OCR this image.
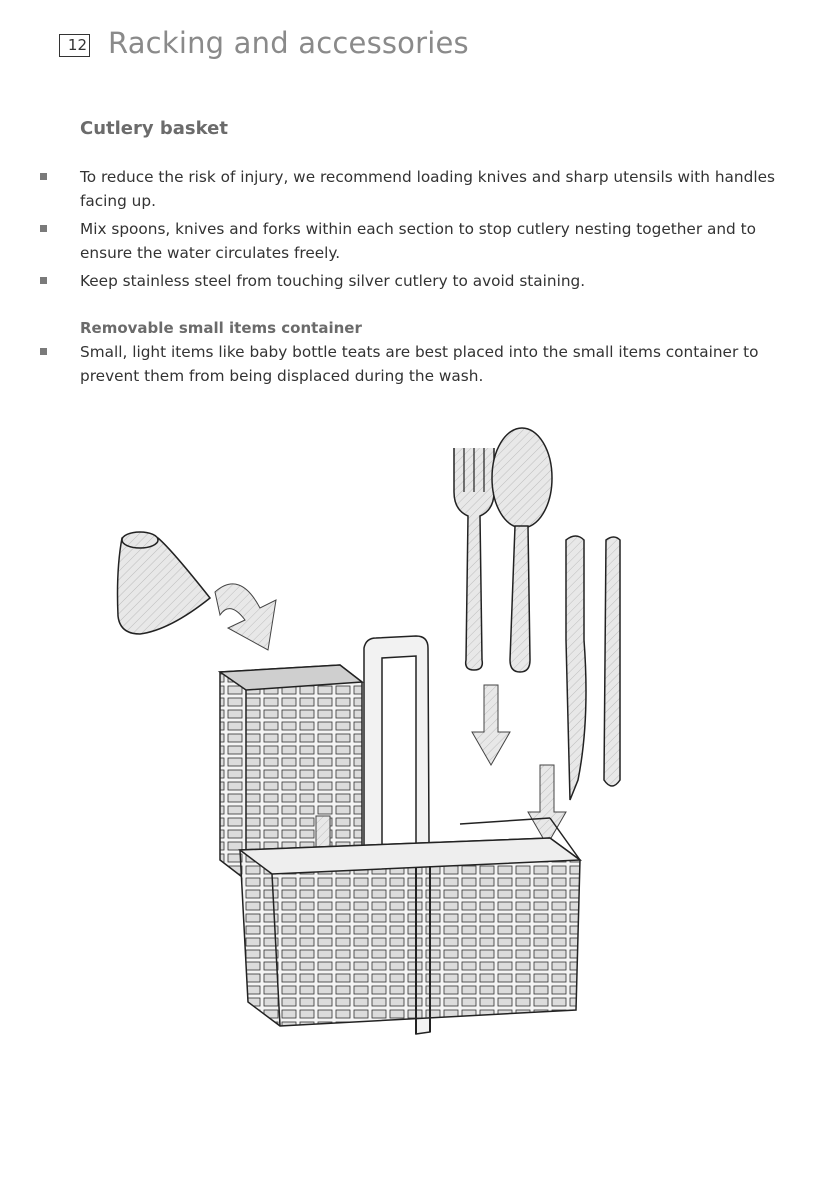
12 Racking and accessories
Cutlery basket
To reduce the risk of injury, we recommend loading knives and sharp utensils with handles facing up.
Mix spoons, knives and forks within each section to stop cutlery nesting together and to ensure the water circulates freely.
Keep stainless steel from touching silver cutlery to avoid staining.
Removable small items container
Small, light items like baby bottle teats are best placed into the small items container to prevent them from being displaced during the wash.
